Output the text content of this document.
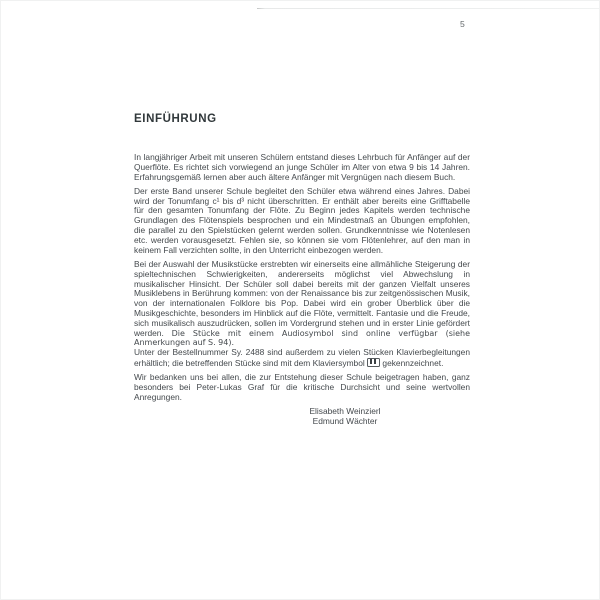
5
EINFÜHRUNG

In langjähriger Arbeit mit unseren Schülern entstand dieses Lehrbuch für Anfänger auf der Querflöte. Es richtet sich vorwiegend an junge Schüler im Alter von etwa 9 bis 14 Jahren. Erfahrungsgemäß lernen aber auch ältere Anfänger mit Vergnügen nach diesem Buch.

Der erste Band unserer Schule begleitet den Schüler etwa während eines Jahres. Dabei wird der Tonumfang c¹ bis d³ nicht überschritten. Er enthält aber bereits eine Grifftabelle für den gesamten Tonumfang der Flöte. Zu Beginn jedes Kapitels werden technische Grundlagen des Flötenspiels besprochen und ein Mindestmaß an Übungen empfohlen, die parallel zu den Spielstücken gelernt werden sollen. Grundkenntnisse wie Notenlesen etc. werden vorausgesetzt. Fehlen sie, so können sie vom Flötenlehrer, auf den man in keinem Fall verzichten sollte, in den Unterricht einbezogen werden.

Bei der Auswahl der Musikstücke erstrebten wir einerseits eine allmähliche Steigerung der spieltechnischen Schwierigkeiten, andererseits möglichst viel Abwechslung in musikalischer Hinsicht. Der Schüler soll dabei bereits mit der ganzen Vielfalt unseres Musiklebens in Berührung kommen: von der Renaissance bis zur zeitgenössischen Musik, von der internationalen Folklore bis Pop. Dabei wird ein grober Überblick über die Musikgeschichte, besonders im Hinblick auf die Flöte, vermittelt. Fantasie und die Freude, sich musikalisch auszudrücken, sollen im Vordergrund stehen und in erster Linie gefördert werden. Die Stücke mit einem Audiosymbol sind online verfügbar (siehe Anmerkungen auf S. 94).

Unter der Bestellnummer Sy. 2488 sind außerdem zu vielen Stücken Klavierbegleitungen erhältlich; die betreffenden Stücke sind mit dem Klaviersymbol gekennzeichnet.

Wir bedanken uns bei allen, die zur Entstehung dieser Schule beigetragen haben, ganz besonders bei Peter-Lukas Graf für die kritische Durchsicht und seine wertvollen Anregungen.

Elisabeth Weinzierl
Edmund Wächter
